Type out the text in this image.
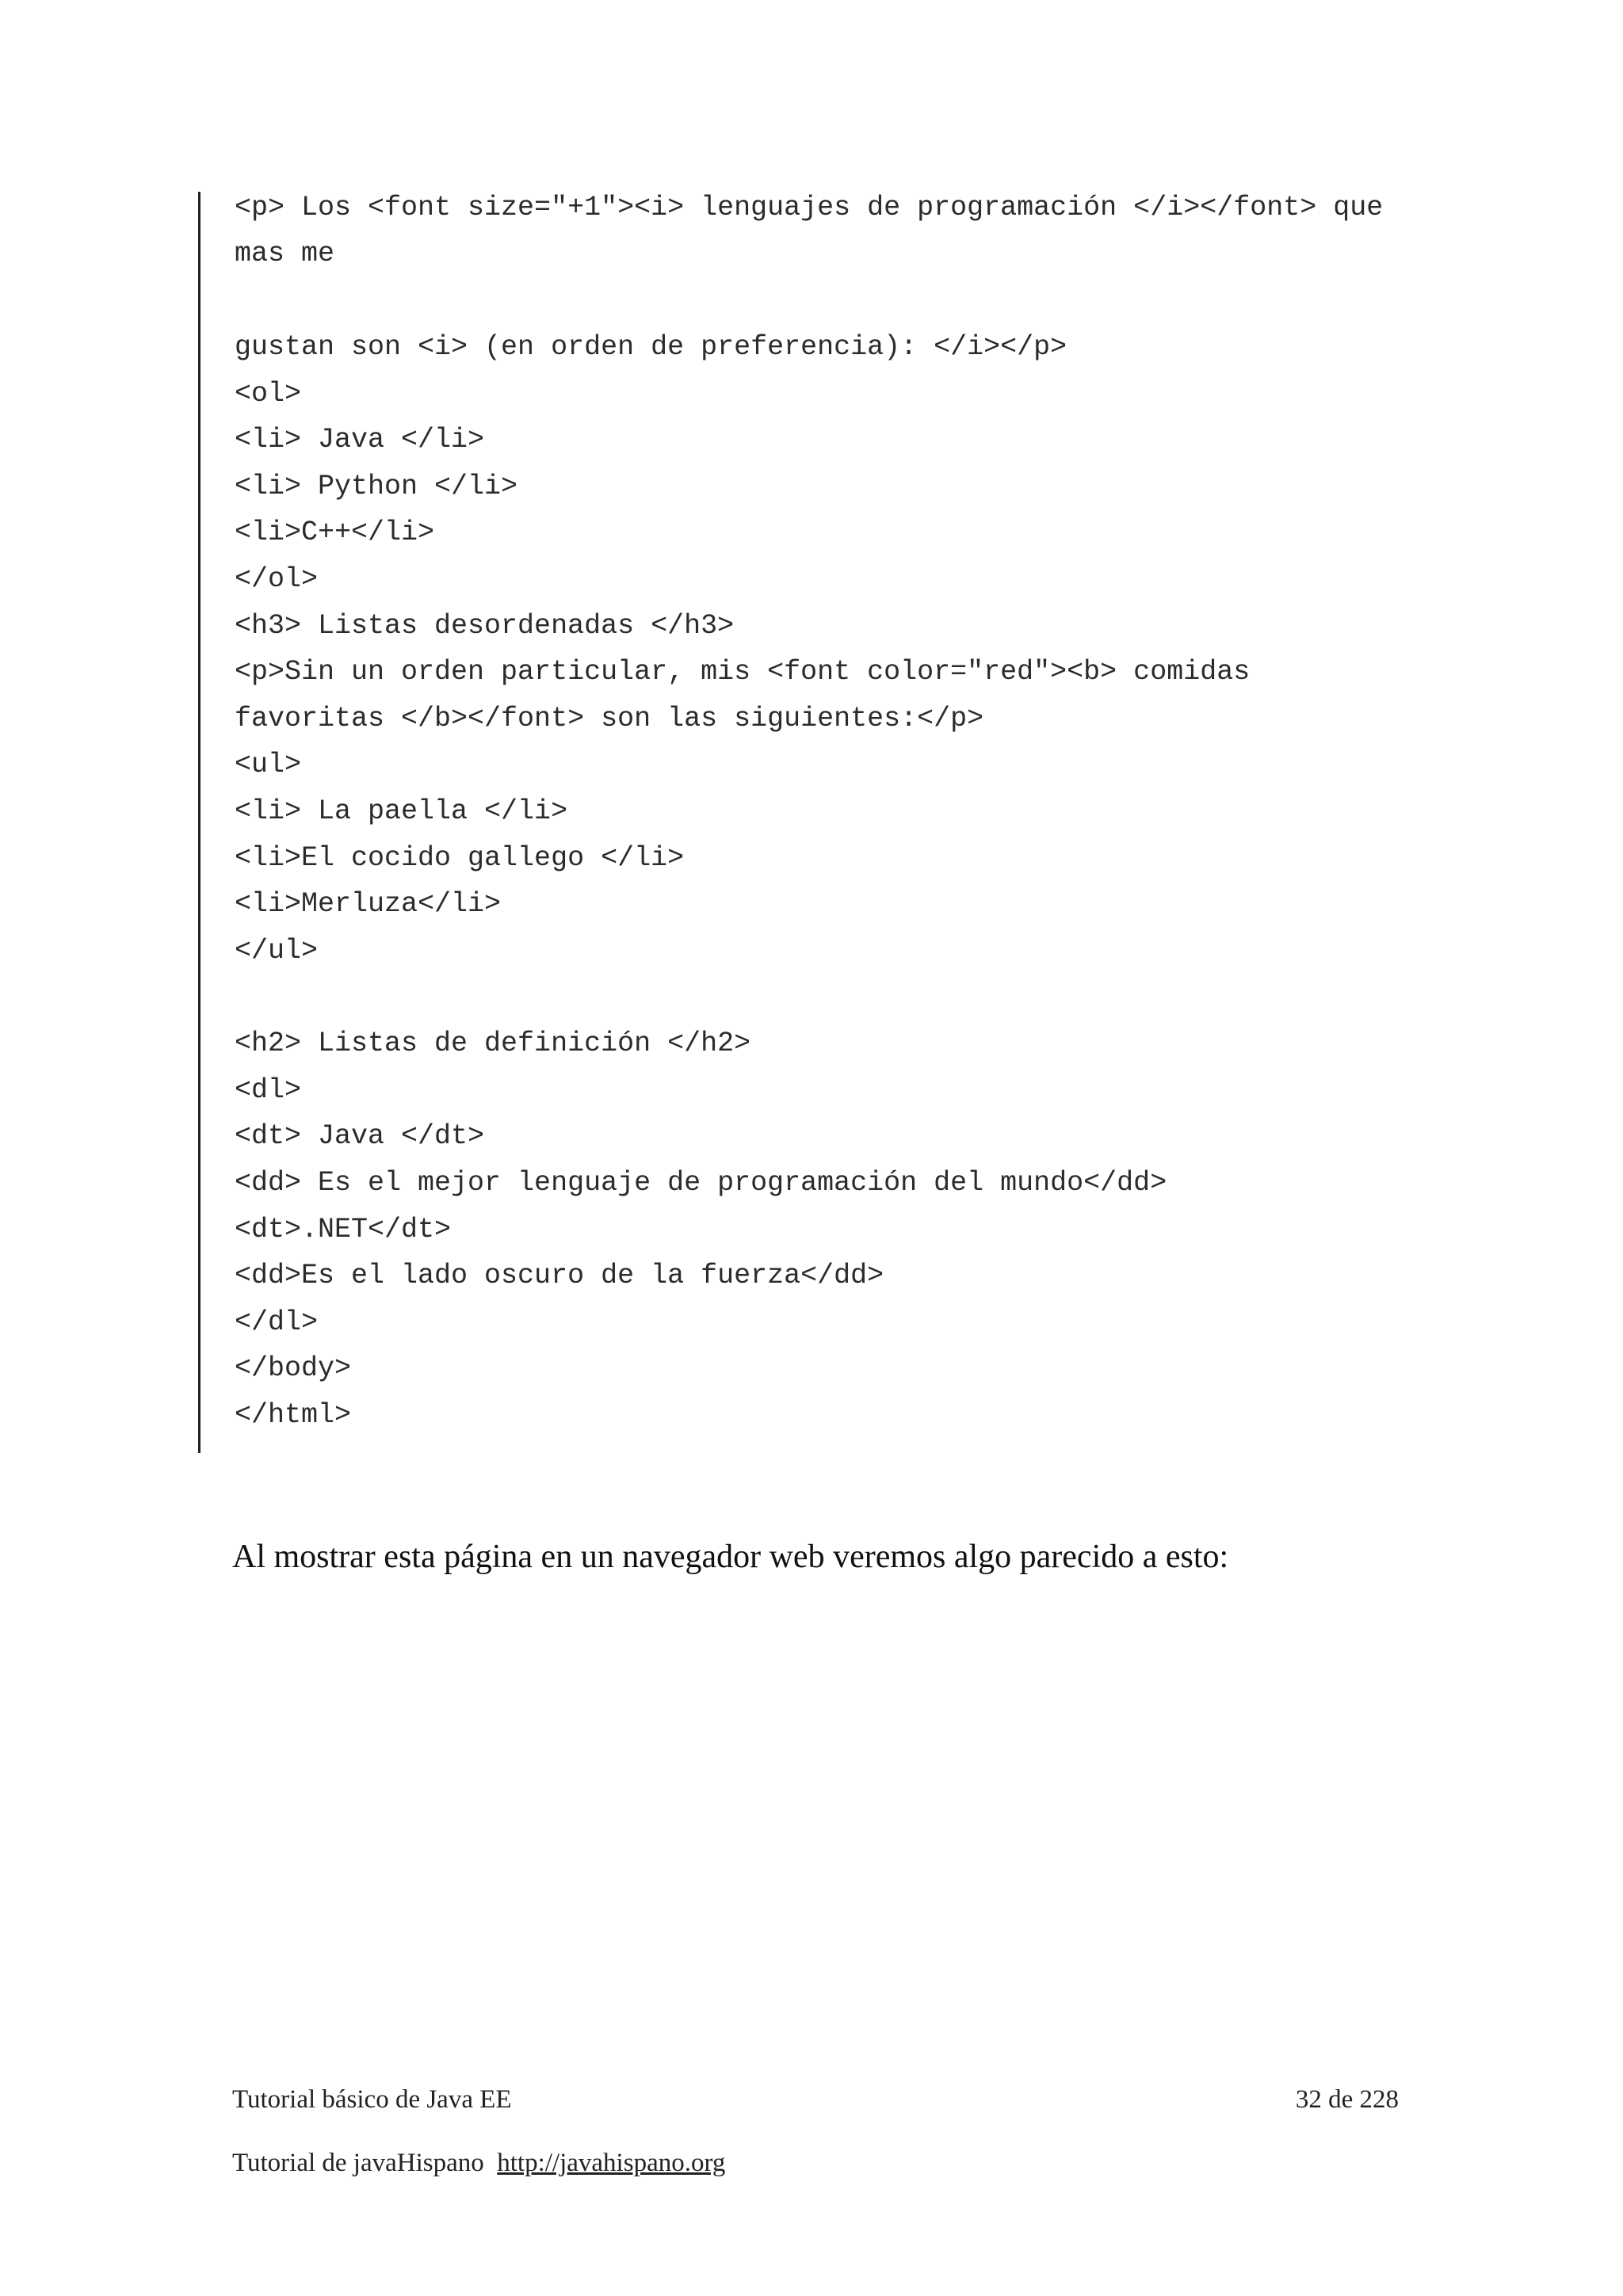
<p> Los <font size="+1"><i> lenguajes de programación </i></font> que
mas me
gustan son <i> (en orden de preferencia): </i></p>
<ol>
<li> Java </li>
<li> Python </li>
<li>C++</li>
</ol>
<h3> Listas desordenadas </h3>
<p>Sin un orden particular, mis <font color="red"><b> comidas
favoritas </b></font> son las siguientes:</p>
<ul>
<li> La paella </li>
<li>El cocido gallego </li>
<li>Merluza</li>
</ul>
<h2> Listas de definición </h2>
<dl>
<dt> Java </dt>
<dd> Es el mejor lenguaje de programación del mundo</dd>
<dt>.NET</dt>
<dd>Es el lado oscuro de la fuerza</dd>
</dl>
</body>
</html>
Al mostrar esta página en un navegador web veremos algo parecido a esto:
Tutorial básico de Java EE	32 de 228
Tutorial de javaHispano http://javahispano.org
